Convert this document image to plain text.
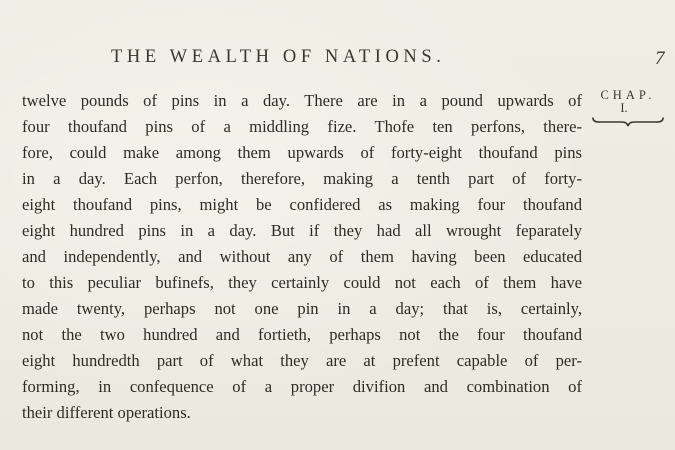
THE WEALTH OF NATIONS.	7
twelve pounds of pins in a day. There are in a pound upwards of
four thoufand pins of a middling fize. Thofe ten perfons, there-
fore, could make among them upwards of forty-eight thoufand pins
in a day. Each perfon, therefore, making a tenth part of forty-
eight thoufand pins, might be confidered as making four thoufand
eight hundred pins in a day. But if they had all wrought feparately
and independently, and without any of them having been educated
to this peculiar bufinefs, they certainly could not each of them have
made twenty, perhaps not one pin in a day; that is, certainly,
not the two hundred and fortieth, perhaps not the four thoufand
eight hundredth part of what they are at prefent capable of per-
forming, in confequence of a proper divifion and combination of
their different operations.
CHAP.
I.
